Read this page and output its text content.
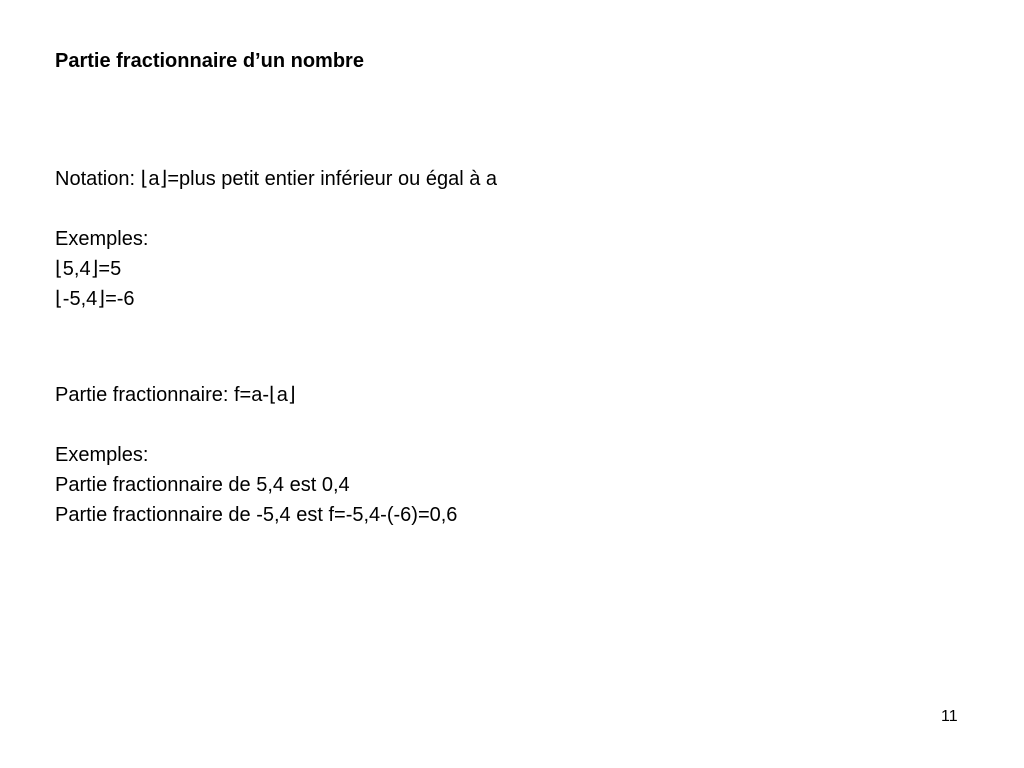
Partie fractionnaire d’un nombre
Notation: ⌊a⌋=plus petit entier inférieur ou égal à a
Exemples:
⌊5,4⌋=5
⌊-5,4⌋=-6
Partie fractionnaire: f=a-⌊a⌋
Exemples:
Partie fractionnaire de 5,4 est 0,4
Partie fractionnaire de -5,4 est f=-5,4-(-6)=0,6
11
